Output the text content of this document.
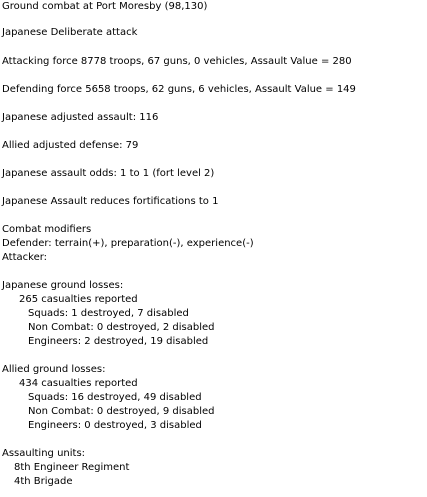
Ground combat at Port Moresby (98,130)
Japanese Deliberate attack
Attacking force 8778 troops, 67 guns, 0 vehicles, Assault Value = 280
Defending force 5658 troops, 62 guns, 6 vehicles, Assault Value = 149
Japanese adjusted assault: 116
Allied adjusted defense: 79
Japanese assault odds: 1 to 1 (fort level 2)
Japanese Assault reduces fortifications to 1
Combat modifiers
Defender: terrain(+), preparation(-), experience(-)
Attacker:
Japanese ground losses:
265 casualties reported
Squads: 1 destroyed, 7 disabled
Non Combat: 0 destroyed, 2 disabled
Engineers: 2 destroyed, 19 disabled
Allied ground losses:
434 casualties reported
Squads: 16 destroyed, 49 disabled
Non Combat: 0 destroyed, 9 disabled
Engineers: 0 destroyed, 3 disabled
Assaulting units:
8th Engineer Regiment
4th Brigade
